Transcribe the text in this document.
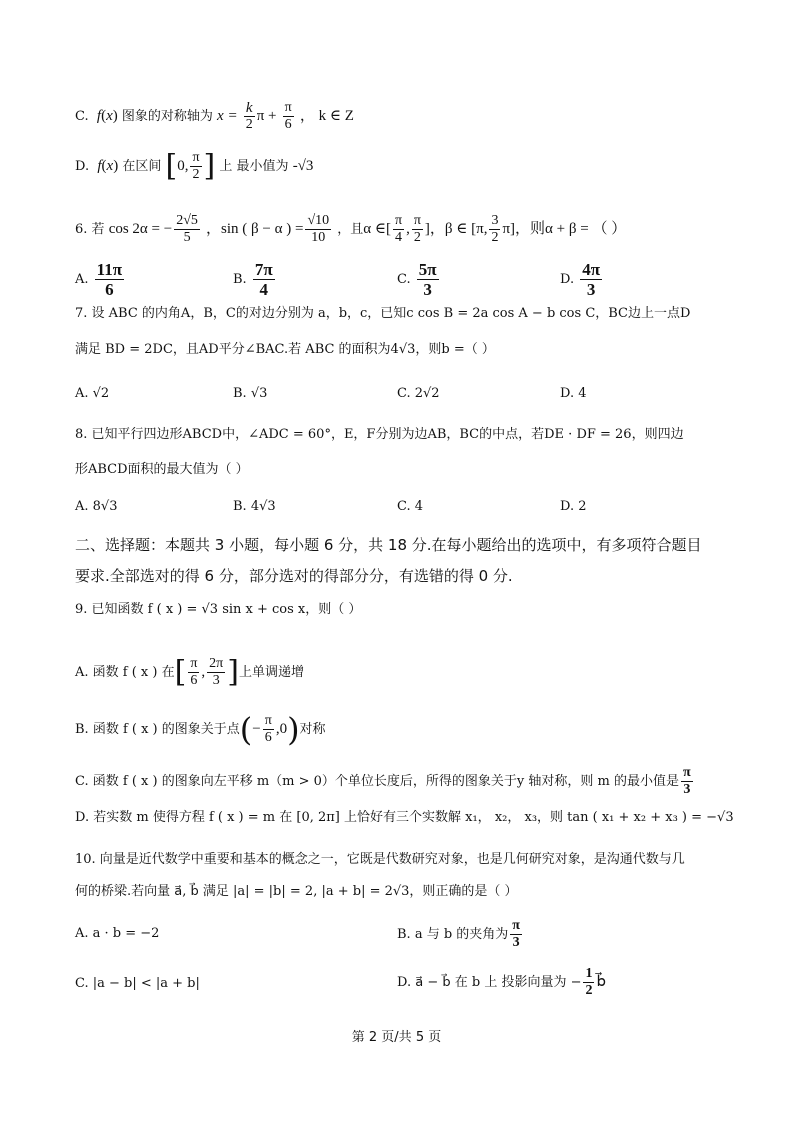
C. f(x) 图象的对称轴为 $x = \frac{k}{2}$ $\pi + \frac{\pi}{6}$ ， k ∈ Z
D. f(x) 在区间 [0, $\frac{\pi}{2}$ ] 上 最小值为 -√3
6. 若 cos 2α = − $\frac{2√5}{5}$ ，sin ( β − α ) = $\frac{√10}{10}$ ，且α ∈[ $\frac{\pi}{4}$ , $\frac{\pi}{2}$ ]，β ∈ [π, $\frac{3}{2} \pi$]，则α + β = （ ）
A. $\frac{11\pi}{6}$	B. $\frac{7\pi}{4}$	C. $\frac{5\pi}{3}$	D. $\frac{4\pi}{3}$
7. 设 ABC 的内角A，B，C的对边分别为 a，b，c，已知c cos B = 2a cos A − b cos C，BC边上一点D
满足 BD = 2DC，且AD平分∠BAC.若 ABC 的面积为4√3，则b =（ ）
A. √2	B. √3	C. 2√2	D. 4
8. 已知平行四边形ABCD中，∠ADC = 60°，E，F分别为边AB，BC的中点，若DE · DF = 26，则四边
形ABCD面积的最大值为（ ）
A. 8√3	B. 4√3	C. 4	D. 2
二、选择题：本题共 3 小题，每小题 6 分，共 18 分.在每小题给出的选项中，有多项符合题目
要求.全部选对的得 6 分，部分选对的得部分分，有选错的得 0 分.
9. 已知函数 f ( x ) = √3 sin x + cos x，则（ ）
A. 函数 f ( x ) 在[ $\frac{\pi}{6}$ , $\frac{2\pi}{3}$ ]上单调递增
B. 函数 f ( x ) 的图象关于点(− $\frac{\pi}{6} ,0$)对称
C. 函数 f ( x ) 的图象向左平移 m（m > 0）个单位长度后，所得的图象关于y 轴对称，则 m 的最小值是 $\frac{\pi}{3}$
D. 若实数 m 使得方程 f ( x ) = m 在 [0, 2π] 上恰好有三个实数解 x₁， x₂， x₃，则 tan ( x₁ + x₂ + x₃ ) = −√3
10. 向量是近代数学中重要和基本的概念之一，它既是代数研究对象，也是几何研究对象，是沟通代数与几
何的桥梁.若向量 a⃗, b⃗ 满足 |a| = |b| = 2, |a + b| = 2√3，则正确的是（ ）
A. a · b = −2	B. a 与 b 的夹角为 $\frac{\pi}{3}$
C. |a − b| < |a + b|	D. a⃗ − b⃗ 在 b 上 投影向量为 − $\frac{1}{2}$ b⃗
第 2 页/共 5 页
